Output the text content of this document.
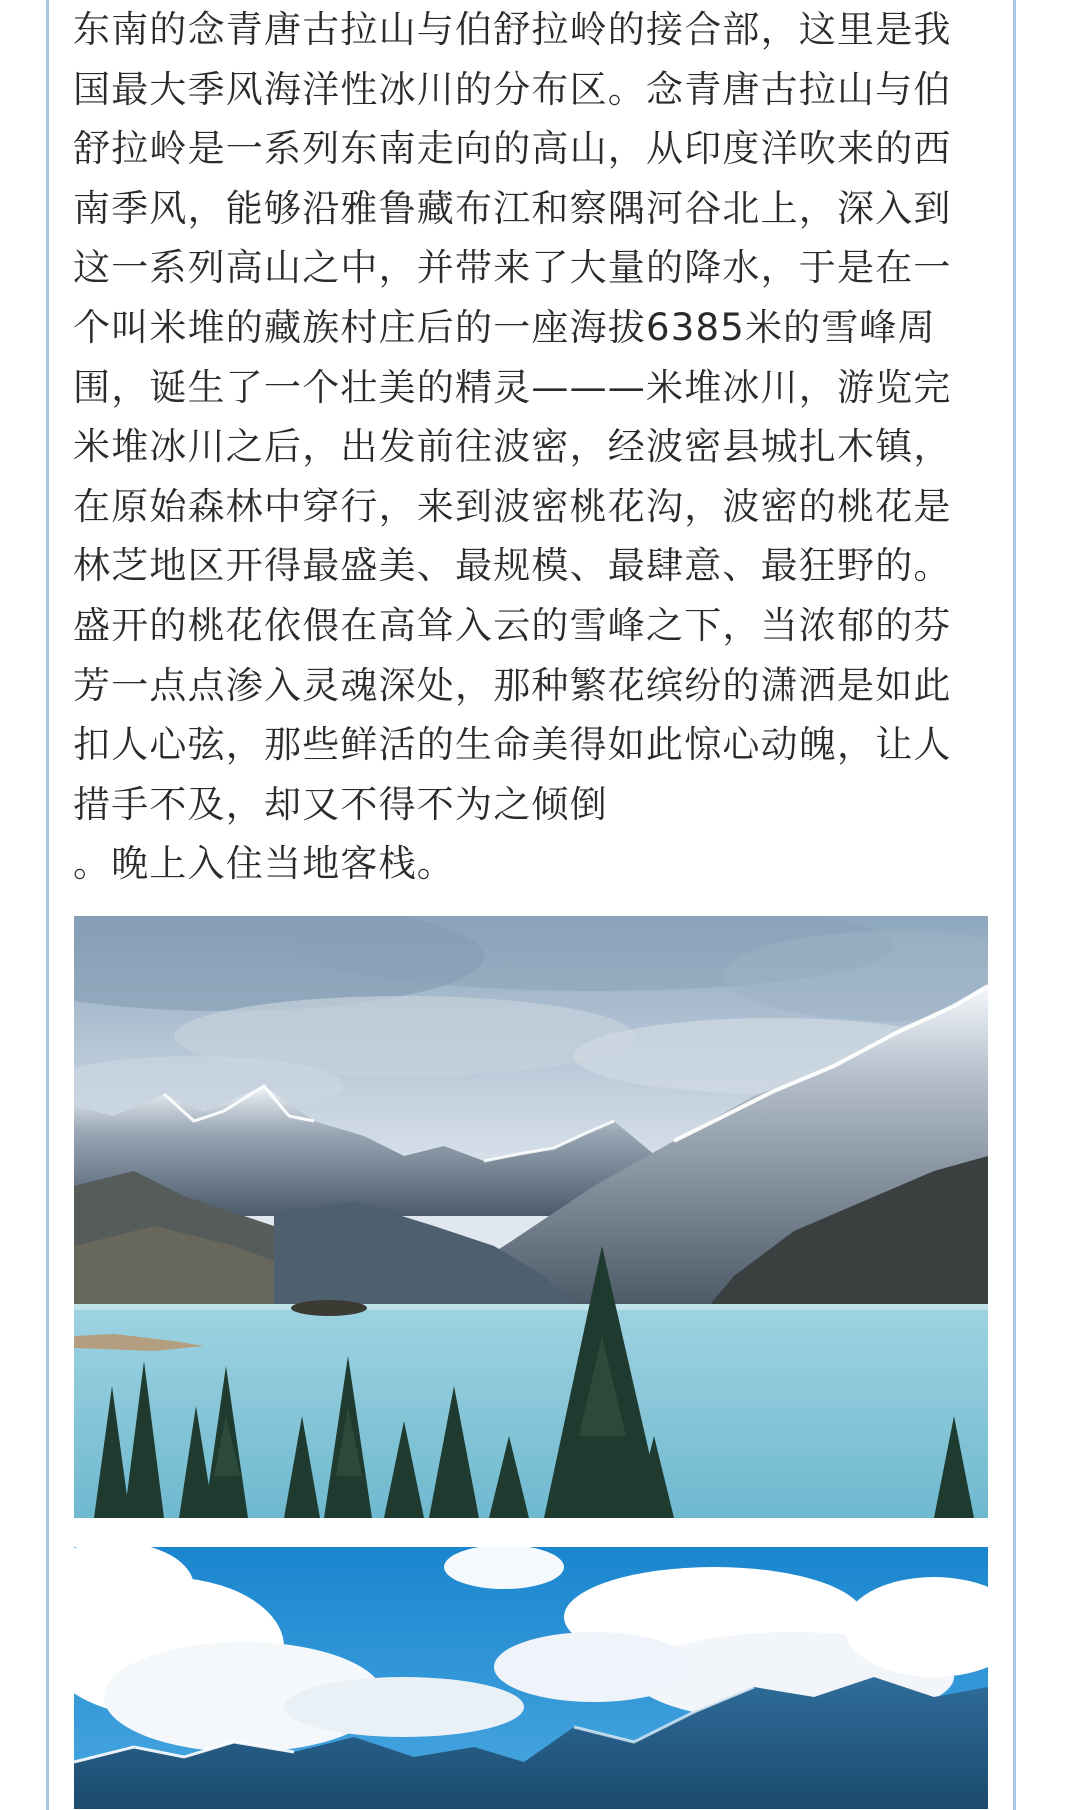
东南的念青唐古拉山与伯舒拉岭的接合部，这里是我
国最大季风海洋性冰川的分布区。念青唐古拉山与伯
舒拉岭是一系列东南走向的高山，从印度洋吹来的西
南季风，能够沿雅鲁藏布江和察隅河谷北上，深入到
这一系列高山之中，并带来了大量的降水，于是在一
个叫米堆的藏族村庄后的一座海拔6385米的雪峰周
围，诞生了一个壮美的精灵———米堆冰川，游览完
米堆冰川之后，出发前往波密，经波密县城扎木镇，
在原始森林中穿行，来到波密桃花沟，波密的桃花是
林芝地区开得最盛美、最规模、最肆意、最狂野的。
盛开的桃花依偎在高耸入云的雪峰之下，当浓郁的芬
芳一点点渗入灵魂深处，那种繁花缤纷的潇洒是如此
扣人心弦，那些鲜活的生命美得如此惊心动魄，让人
措手不及，却又不得不为之倾倒
。晚上入住当地客栈。
